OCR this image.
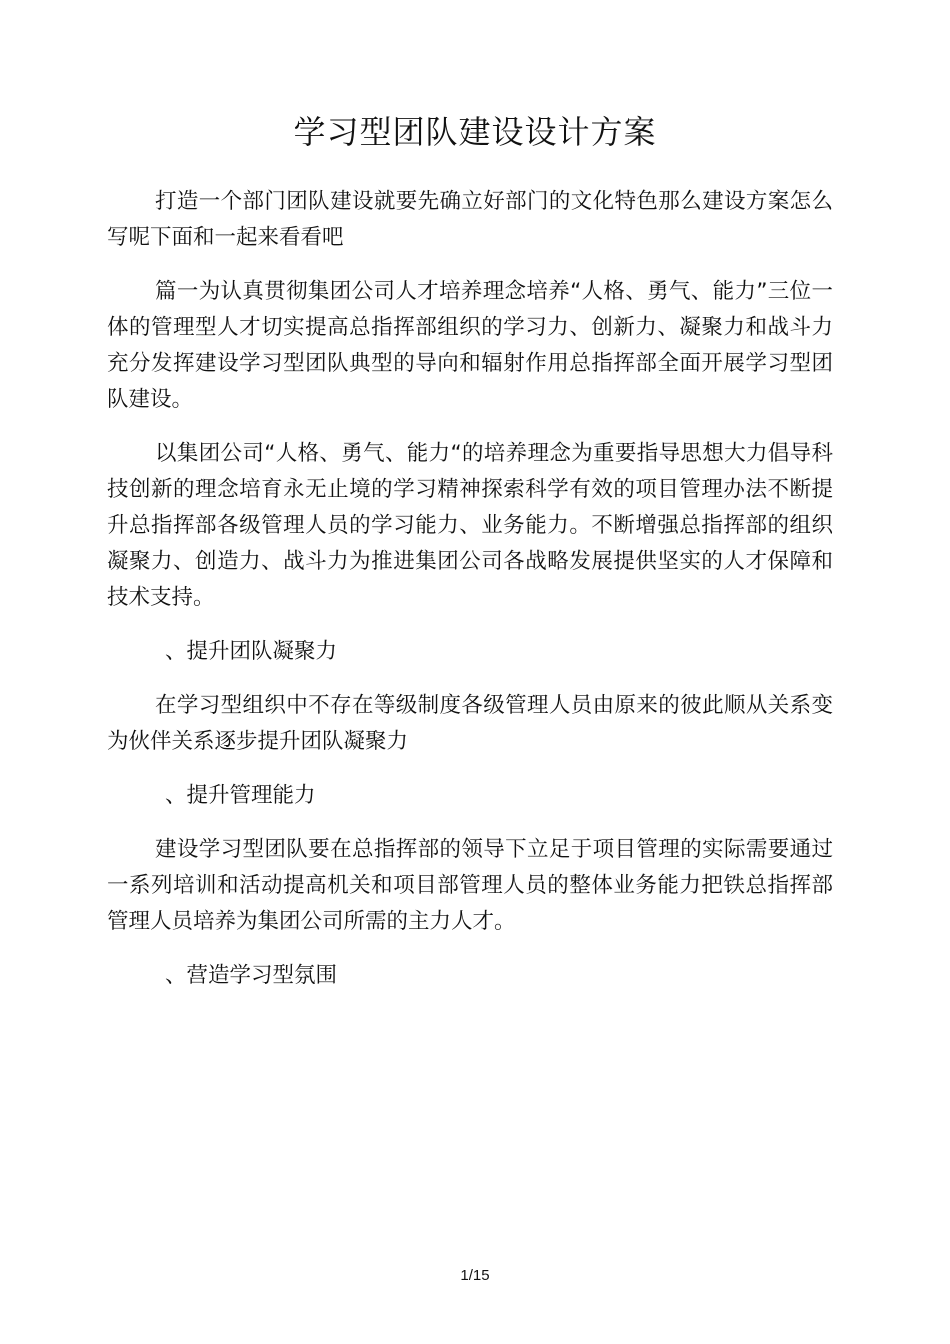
学习型团队建设设计方案

打造一个部门团队建设就要先确立好部门的文化特色那么建设方案怎么写呢下面和一起来看看吧

篇一为认真贯彻集团公司人才培养理念培养“人格、勇气、能力”三位一体的管理型人才切实提高总指挥部组织的学习力、创新力、凝聚力和战斗力充分发挥建设学习型团队典型的导向和辐射作用总指挥部全面开展学习型团队建设。

以集团公司“人格、勇气、能力“的培养理念为重要指导思想大力倡导科技创新的理念培育永无止境的学习精神探索科学有效的项目管理办法不断提升总指挥部各级管理人员的学习能力、业务能力。不断增强总指挥部的组织凝聚力、创造力、战斗力为推进集团公司各战略发展提供坚实的人才保障和技术支持。

、提升团队凝聚力

在学习型组织中不存在等级制度各级管理人员由原来的彼此顺从关系变为伙伴关系逐步提升团队凝聚力

、提升管理能力

建设学习型团队要在总指挥部的领导下立足于项目管理的实际需要通过一系列培训和活动提高机关和项目部管理人员的整体业务能力把铁总指挥部管理人员培养为集团公司所需的主力人才。

、营造学习型氛围

1/15
